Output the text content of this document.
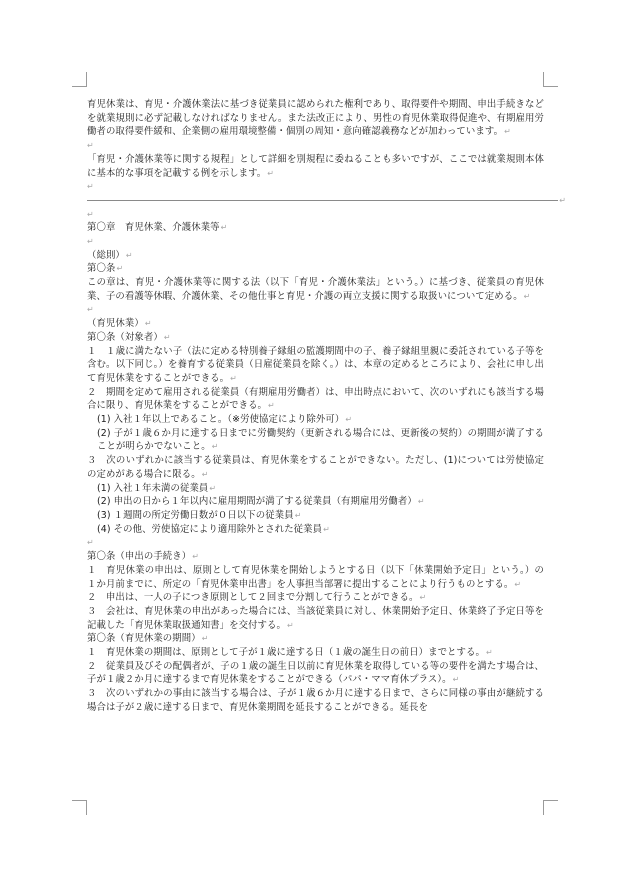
育児休業は、育児・介護休業法に基づき従業員に認められた権利であり、取得要件や期間、申出手続きなどを就業規則に必ず記載しなければなりません。また法改正により、男性の育児休業取得促進や、有期雇用労働者の取得要件緩和、企業側の雇用環境整備・個別の周知・意向確認義務などが加わっています。↵

↵

「育児・介護休業等に関する規程」として詳細を別規程に委ねることも多いですが、ここでは就業規則本体に基本的な事項を記載する例を示します。↵

↵
↵
↵

第〇章　育児休業、介護休業等↵

↵

（総則）↵

第〇条↵

この章は、育児・介護休業等に関する法（以下「育児・介護休業法」という。）に基づき、従業員の育児休業、子の看護等休暇、介護休業、その他仕事と育児・介護の両立支援に関する取扱いについて定める。↵

↵

（育児休業）↵

第〇条（対象者）↵

１　１歳に満たない子（法に定める特別養子縁組の監護期間中の子、養子縁組里親に委託されている子等を含む。以下同じ。）を養育する従業員（日雇従業員を除く。）は、本章の定めるところにより、会社に申し出て育児休業をすることができる。↵

２　期間を定めて雇用される従業員（有期雇用労働者）は、申出時点において、次のいずれにも該当する場合に限り、育児休業をすることができる。↵

(1) 入社１年以上であること。（※労使協定により除外可）↵

(2) 子が１歳６か月に達する日までに労働契約（更新される場合には、更新後の契約）の期間が満了することが明らかでないこと。↵

３　次のいずれかに該当する従業員は、育児休業をすることができない。ただし、(1)については労使協定の定めがある場合に限る。↵

(1) 入社１年未満の従業員↵

(2) 申出の日から１年以内に雇用期間が満了する従業員（有期雇用労働者）↵

(3) １週間の所定労働日数が０日以下の従業員↵

(4) その他、労使協定により適用除外とされた従業員↵

↵

第〇条（申出の手続き）↵

１　育児休業の申出は、原則として育児休業を開始しようとする日（以下「休業開始予定日」という。）の１か月前までに、所定の「育児休業申出書」を人事担当部署に提出することにより行うものとする。↵

２　申出は、一人の子につき原則として２回まで分割して行うことができる。↵

３　会社は、育児休業の申出があった場合には、当該従業員に対し、休業開始予定日、休業終了予定日等を記載した「育児休業取扱通知書」を交付する。↵

第〇条（育児休業の期間）↵

１　育児休業の期間は、原則として子が１歳に達する日（１歳の誕生日の前日）までとする。↵

２　従業員及びその配偶者が、子の１歳の誕生日以前に育児休業を取得している等の要件を満たす場合は、子が１歳２か月に達するまで育児休業をすることができる（パパ・ママ育休プラス）。↵

３　次のいずれかの事由に該当する場合は、子が１歳６か月に達する日まで、さらに同様の事由が継続する場合は子が２歳に達する日まで、育児休業期間を延長することができる。延長を
